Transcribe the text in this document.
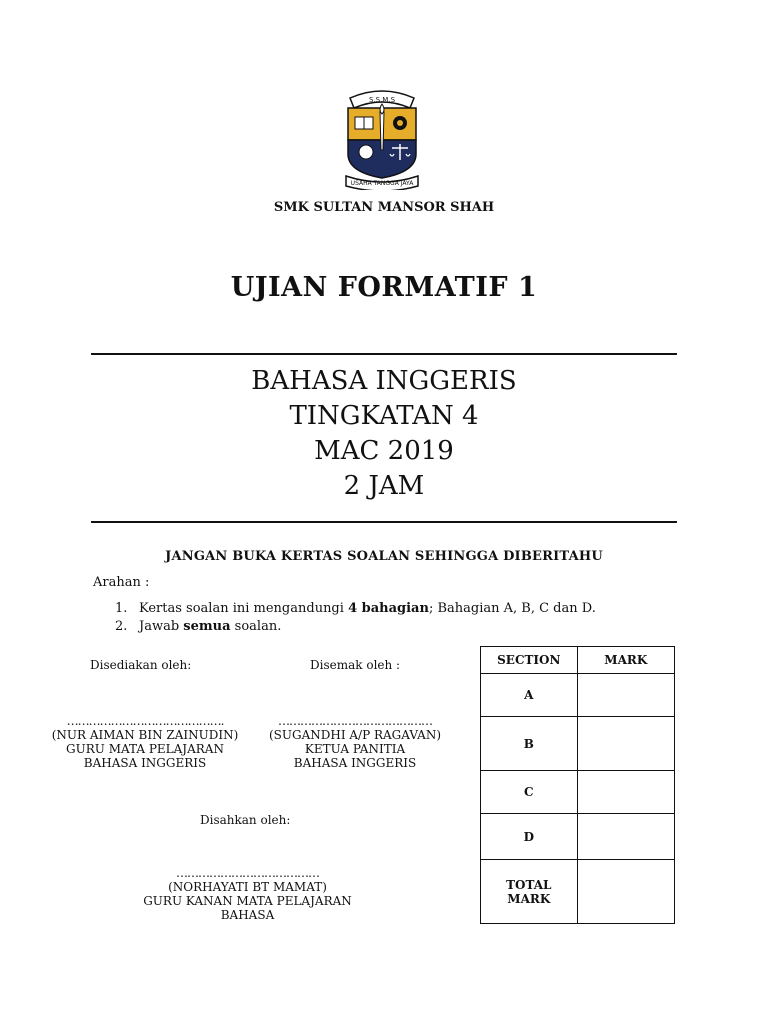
S.S.M.S
USAHA TANGGA JAYA
SMK SULTAN MANSOR SHAH
UJIAN FORMATIF 1
BAHASA INGGERIS
TINGKATAN 4
MAC 2019
2 JAM
JANGAN BUKA KERTAS SOALAN SEHINGGA DIBERITAHU
Arahan :
1. Kertas soalan ini mengandungi 4 bahagian; Bahagian A, B, C dan D.
2. Jawab semua soalan.
Disediakan oleh:	Disemak oleh :
…………………………………….
(NUR AIMAN BIN ZAINUDIN)
GURU MATA PELAJARAN
BAHASA INGGERIS
……………………………………
(SUGANDHI A/P RAGAVAN)
KETUA PANITIA
BAHASA INGGERIS
Disahkan oleh:
…………………………………
(NORHAYATI BT MAMAT)
GURU KANAN MATA PELAJARAN
BAHASA
SECTION	MARK
A	
B	
C	
D	

TOTAL
MARK	
